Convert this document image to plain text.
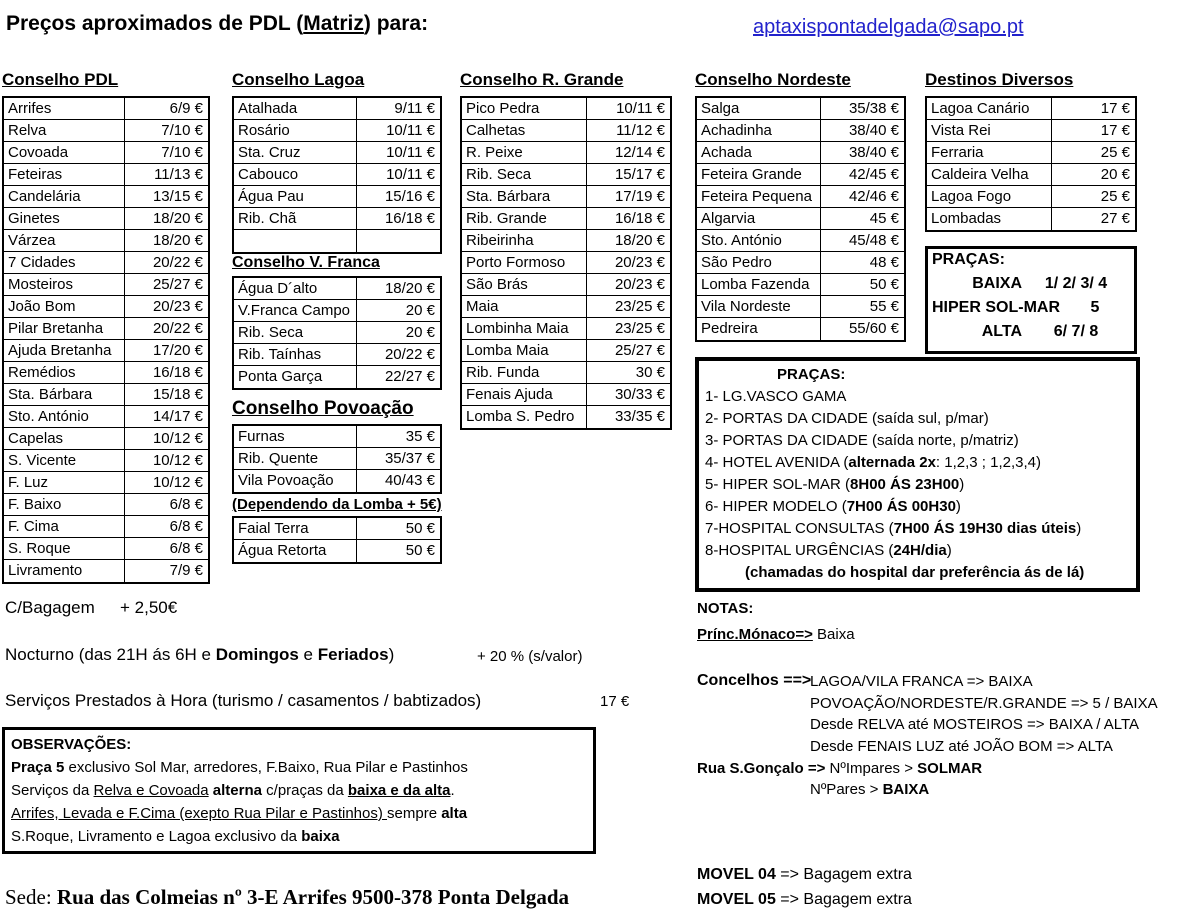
Preços aproximados de PDL (Matriz) para:	aptaxispontadelgada@sapo.pt
Conselho PDL	Conselho Lagoa	Conselho R. Grande	Conselho Nordeste	Destinos Diversos
Arrifes	6/9 €
Relva	7/10 €
Covoada	7/10 €
Feteiras	11/13 €
Candelária	13/15 €
Ginetes	18/20 €
Várzea	18/20 €
7 Cidades	20/22 €
Mosteiros	25/27 €
João Bom	20/23 €
Pilar Bretanha	20/22 €
Ajuda Bretanha	17/20 €
Remédios	16/18 €
Sta. Bárbara	15/18 €
Sto. António	14/17 €
Capelas	10/12 €
S. Vicente	10/12 €
F. Luz	10/12 €
F. Baixo	6/8 €
F. Cima	6/8 €
S. Roque	6/8 €
Livramento	7/9 €
Atalhada	9/11 €
Rosário	10/11 €
Sta. Cruz	10/11 €
Cabouco	10/11 €
Água Pau	15/16 €
Rib. Chã	16/18 €
Conselho V. Franca
Água D´alto	18/20 €
V.Franca Campo	20 €
Rib. Seca	20 €
Rib. Taínhas	20/22 €
Ponta Garça	22/27 €
Conselho Povoação
Furnas	35 €
Rib. Quente	35/37 €
Vila Povoação	40/43 €
(Dependendo da Lomba + 5€)
Faial Terra	50 €
Água Retorta	50 €
Pico Pedra	10/11 €
Calhetas	11/12 €
R. Peixe	12/14 €
Rib. Seca	15/17 €
Sta. Bárbara	17/19 €
Rib. Grande	16/18 €
Ribeirinha	18/20 €
Porto Formoso	20/23 €
São Brás	20/23 €
Maia	23/25 €
Lombinha Maia	23/25 €
Lomba Maia	25/27 €
Rib. Funda	30 €
Fenais Ajuda	30/33 €
Lomba S. Pedro	33/35 €
Salga	35/38 €
Achadinha	38/40 €
Achada	38/40 €
Feteira Grande	42/45 €
Feteira Pequena	42/46 €
Algarvia	45 €
Sto. António	45/48 €
São Pedro	48 €
Lomba Fazenda	50 €
Vila Nordeste	55 €
Pedreira	55/60 €
Lagoa Canário	17 €
Vista Rei	17 €
Ferraria	25 €
Caldeira Velha	20 €
Lagoa Fogo	25 €
Lombadas	27 €
PRAÇAS:
BAIXA	1/ 2/ 3/ 4
HIPER SOL-MAR	5
ALTA	6/ 7/ 8
PRAÇAS:
1- LG.VASCO GAMA
2- PORTAS DA CIDADE (saída sul, p/mar)
3- PORTAS DA CIDADE (saída norte, p/matriz)
4- HOTEL AVENIDA (alternada 2x: 1,2,3 ; 1,2,3,4)
5- HIPER SOL-MAR (8H00 ÁS 23H00)
6- HIPER MODELO (7H00 ÁS 00H30)
7-HOSPITAL CONSULTAS (7H00 ÁS 19H30 dias úteis)
8-HOSPITAL URGÊNCIAS (24H/dia)
(chamadas do hospital dar preferência ás de lá)
C/Bagagem + 2,50€
Nocturno (das 21H ás 6H e Domingos e Feriados)	+ 20 % (s/valor)
Serviços Prestados à Hora (turismo / casamentos / babtizados)	17 €
OBSERVAÇÕES:
Praça 5 exclusivo Sol Mar, arredores, F.Baixo, Rua Pilar e Pastinhos
Serviços da Relva e Covoada alterna c/praças da baixa e da alta.
Arrifes, Levada e F.Cima (exepto Rua Pilar e Pastinhos) sempre alta
S.Roque, Livramento e Lagoa exclusivo da baixa
NOTAS:
Prínc.Mónaco=> Baixa
Concelhos ==>
LAGOA/VILA FRANCA => BAIXA
POVOAÇÃO/NORDESTE/R.GRANDE => 5 / BAIXA
Desde RELVA até MOSTEIROS => BAIXA / ALTA
Desde FENAIS LUZ até JOÃO BOM => ALTA
Rua S.Gonçalo => NºImpares > SOLMAR
NºPares > BAIXA
MOVEL 04 => Bagagem extra
MOVEL 05 => Bagagem extra
Sede: Rua das Colmeias nº 3-E Arrifes 9500-378 Ponta Delgada
